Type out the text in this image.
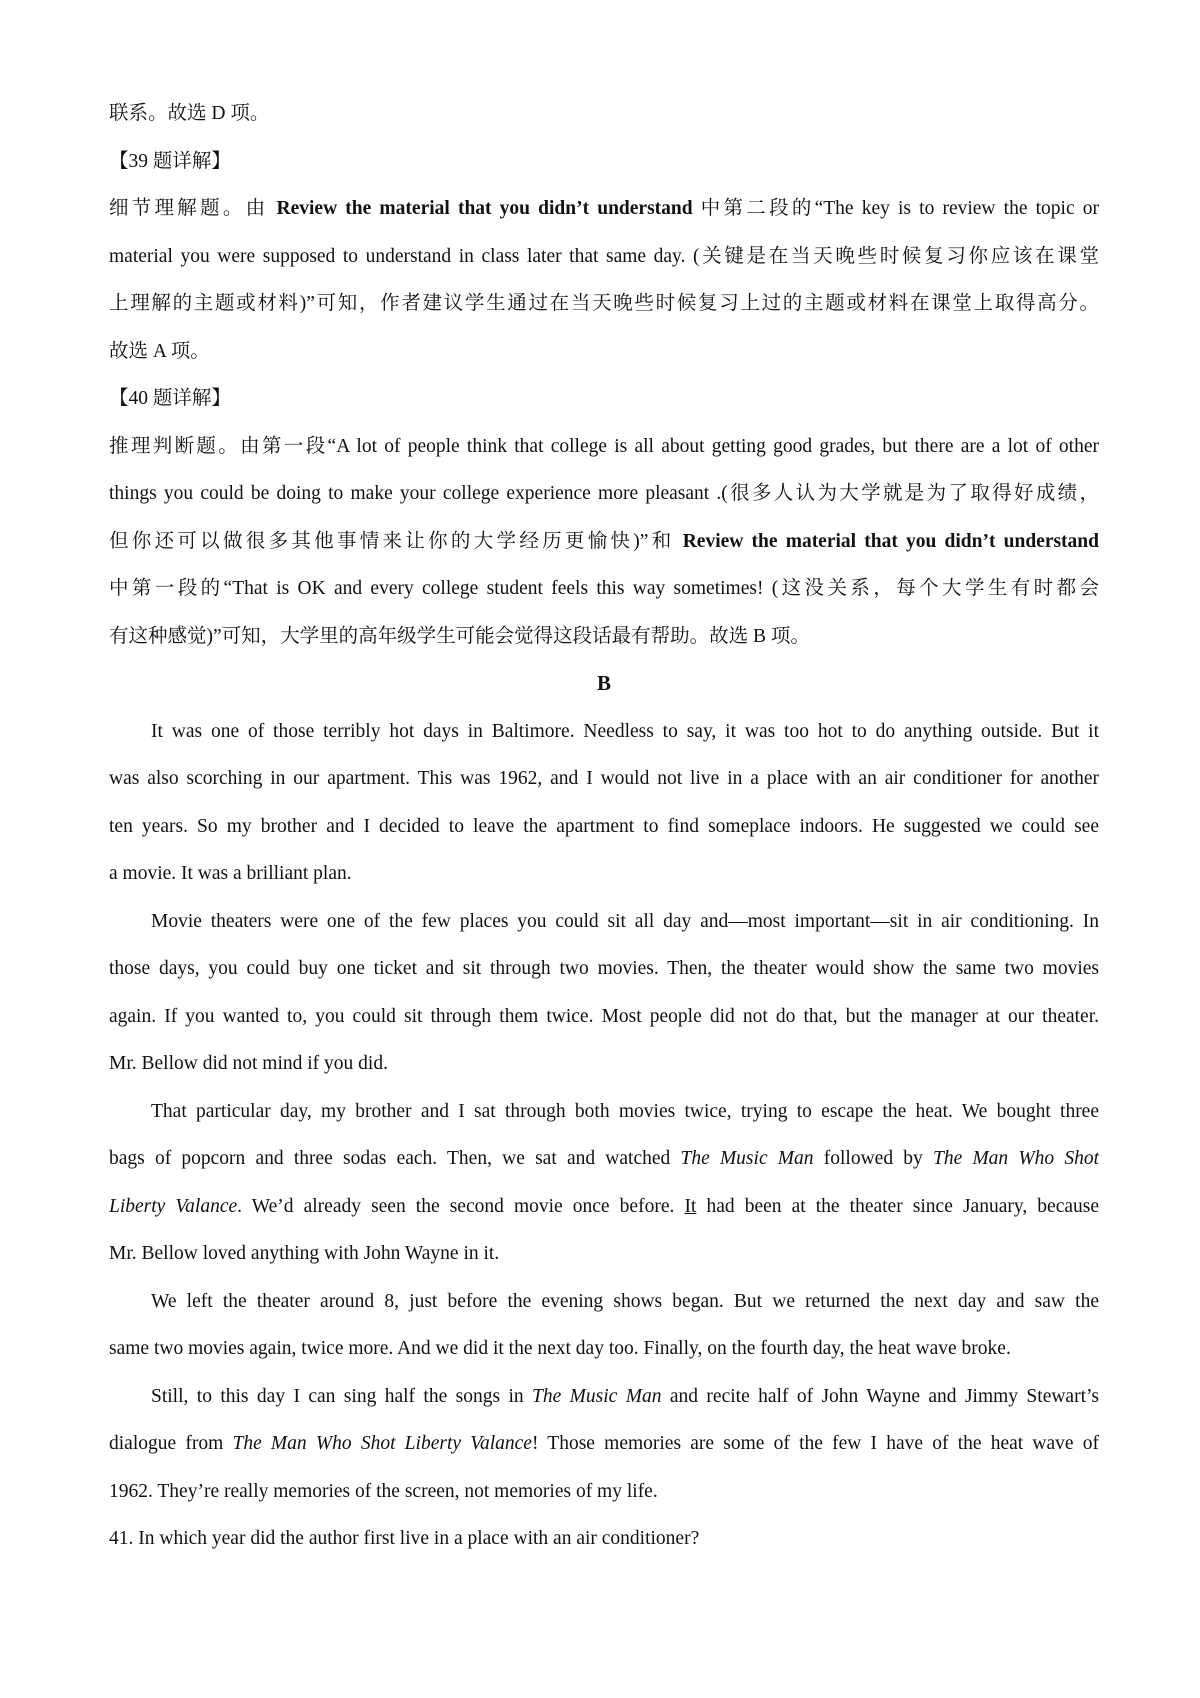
联系。故选 D 项。

【39 题详解】

细节理解题。由 Review the material that you didn’t understand 中第二段的“The key is to review the topic or

material you were supposed to understand in class later that same day. (关键是在当天晚些时候复习你应该在课堂

上理解的主题或材料)”可知，作者建议学生通过在当天晚些时候复习上过的主题或材料在课堂上取得高分。

故选 A 项。

【40 题详解】

推理判断题。由第一段“A lot of people think that college is all about getting good grades, but there are a lot of other

things you could be doing to make your college experience more pleasant .(很多人认为大学就是为了取得好成绩，

但你还可以做很多其他事情来让你的大学经历更愉快)”和 Review the material that you didn’t understand

中第一段的“That is OK and every college student feels this way sometimes! (这没关系，每个大学生有时都会

有这种感觉)”可知，大学里的高年级学生可能会觉得这段话最有帮助。故选 B 项。

B

It was one of those terribly hot days in Baltimore. Needless to say, it was too hot to do anything outside. But it

was also scorching in our apartment. This was 1962, and I would not live in a place with an air conditioner for another

ten years. So my brother and I decided to leave the apartment to find someplace indoors. He suggested we could see

a movie. It was a brilliant plan.

Movie theaters were one of the few places you could sit all day and—most important—sit in air conditioning. In

those days, you could buy one ticket and sit through two movies. Then, the theater would show the same two movies

again. If you wanted to, you could sit through them twice. Most people did not do that, but the manager at our theater.

Mr. Bellow did not mind if you did.

That particular day, my brother and I sat through both movies twice, trying to escape the heat. We bought three

bags of popcorn and three sodas each. Then, we sat and watched The Music Man followed by The Man Who Shot

Liberty Valance. We’d already seen the second movie once before. It had been at the theater since January, because

Mr. Bellow loved anything with John Wayne in it.

We left the theater around 8, just before the evening shows began. But we returned the next day and saw the

same two movies again, twice more. And we did it the next day too. Finally, on the fourth day, the heat wave broke.

Still, to this day I can sing half the songs in The Music Man and recite half of John Wayne and Jimmy Stewart’s

dialogue from The Man Who Shot Liberty Valance! Those memories are some of the few I have of the heat wave of

1962. They’re really memories of the screen, not memories of my life.

41. In which year did the author first live in a place with an air conditioner?
